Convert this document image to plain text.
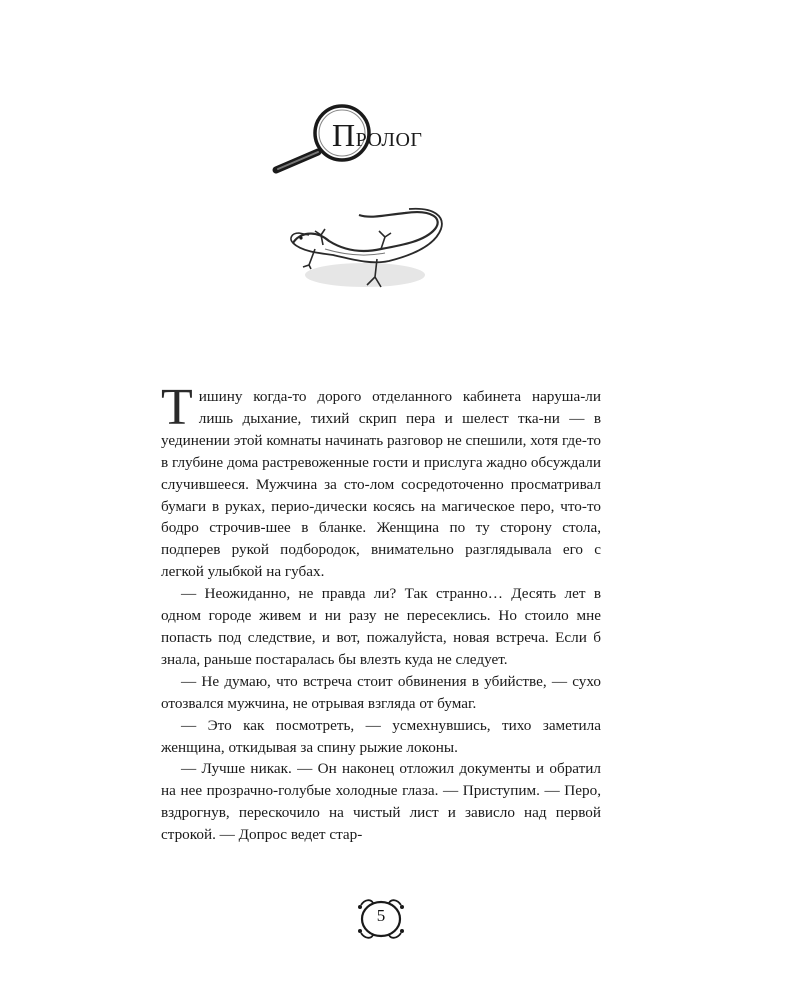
Пролог

Тишину когда-то дорого отделанного кабинета наруша-ли лишь дыхание, тихий скрип пера и шелест тка-ни — в уединении этой комнаты начинать разговор не спешили, хотя где-то в глубине дома растревоженные гости и прислуга жадно обсуждали случившееся. Мужчина за сто-лом сосредоточенно просматривал бумаги в руках, перио-дически косясь на магическое перо, что-то бодро строчив-шее в бланке. Женщина по ту сторону стола, подперев рукой подбородок, внимательно разглядывала его с легкой улыбкой на губах.

— Неожиданно, не правда ли? Так странно… Десять лет в одном городе живем и ни разу не пересеклись. Но стоило мне попасть под следствие, и вот, пожалуйста, новая встреча. Если б знала, раньше постаралась бы влезть куда не следует.

— Не думаю, что встреча стоит обвинения в убийстве, — сухо отозвался мужчина, не отрывая взгляда от бумаг.

— Это как посмотреть, — усмехнувшись, тихо заметила женщина, откидывая за спину рыжие локоны.

— Лучше никак. — Он наконец отложил документы и обратил на нее прозрачно-голубые холодные глаза. — Приступим. — Перо, вздрогнув, перескочило на чистый лист и зависло над первой строкой. — Допрос ведет стар-

5
